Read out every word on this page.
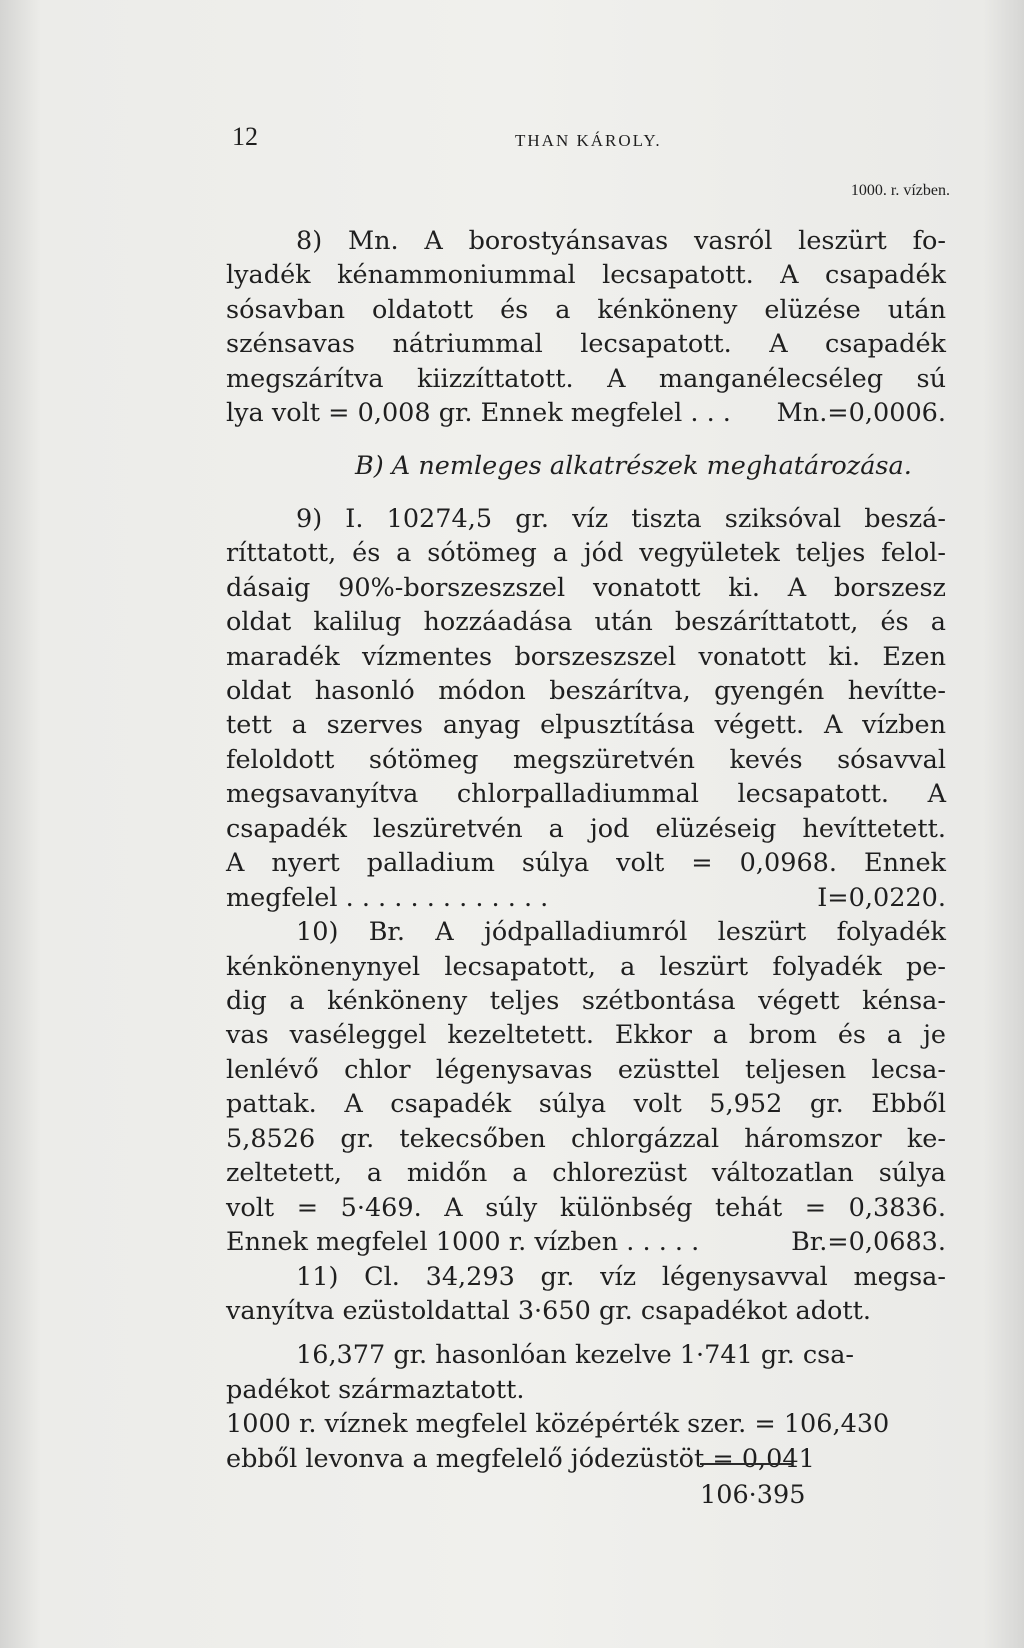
12	THAN KÁROLY.
1000. r. vízben.
8) Mn. A borostyánsavas vasról leszürt fo-
lyadék kénammoniummal lecsapatott. A csapadék
sósavban oldatott és a kénköneny elüzése után
szénsavas nátriummal lecsapatott. A csapadék
megszárítva kiizzíttatott. A manganélecséleg sú
lya volt = 0,008 gr. Ennek megfelel . . .	Mn.=0,0006.
B) A nemleges alkatrészek meghatározása.
9) I. 10274,5 gr. víz tiszta sziksóval beszá-
ríttatott, és a sótömeg a jód vegyületek teljes felol-
dásaig 90%-borszeszszel vonatott ki. A borszesz
oldat kalilug hozzáadása után beszáríttatott, és a
maradék vízmentes borszeszszel vonatott ki. Ezen
oldat hasonló módon beszárítva, gyengén hevítte-
tett a szerves anyag elpusztítása végett. A vízben
feloldott sótömeg megszüretvén kevés sósavval
megsavanyítva chlorpalladiummal lecsapatott. A
csapadék leszüretvén a jod elüzéseig hevíttetett.
A nyert palladium súlya volt = 0,0968. Ennek
megfelel . . . . . . . . . . . . .	I=0,0220.
10) Br. A jódpalladiumról leszürt folyadék
kénkönenynyel lecsapatott, a leszürt folyadék pe-
dig a kénköneny teljes szétbontása végett kénsa-
vas vaséleggel kezeltetett. Ekkor a brom és a je
lenlévő chlor légenysavas ezüsttel teljesen lecsa-
pattak. A csapadék súlya volt 5,952 gr. Ebből
5,8526 gr. tekecsőben chlorgázzal háromszor ke-
zeltetett, a midőn a chlorezüst változatlan súlya
volt = 5·469. A súly különbség tehát = 0,3836.
Ennek megfelel 1000 r. vízben . . . . .	Br.=0,0683.
11) Cl. 34,293 gr. víz légenysavval megsa-
vanyítva ezüstoldattal 3·650 gr. csapadékot adott.
16,377 gr. hasonlóan kezelve 1·741 gr. csa-
padékot származtatott.
1000 r. víznek megfelel középérték szer. = 106,430
ebből levonva a megfelelő jódezüstöt = 0,041
106·395
